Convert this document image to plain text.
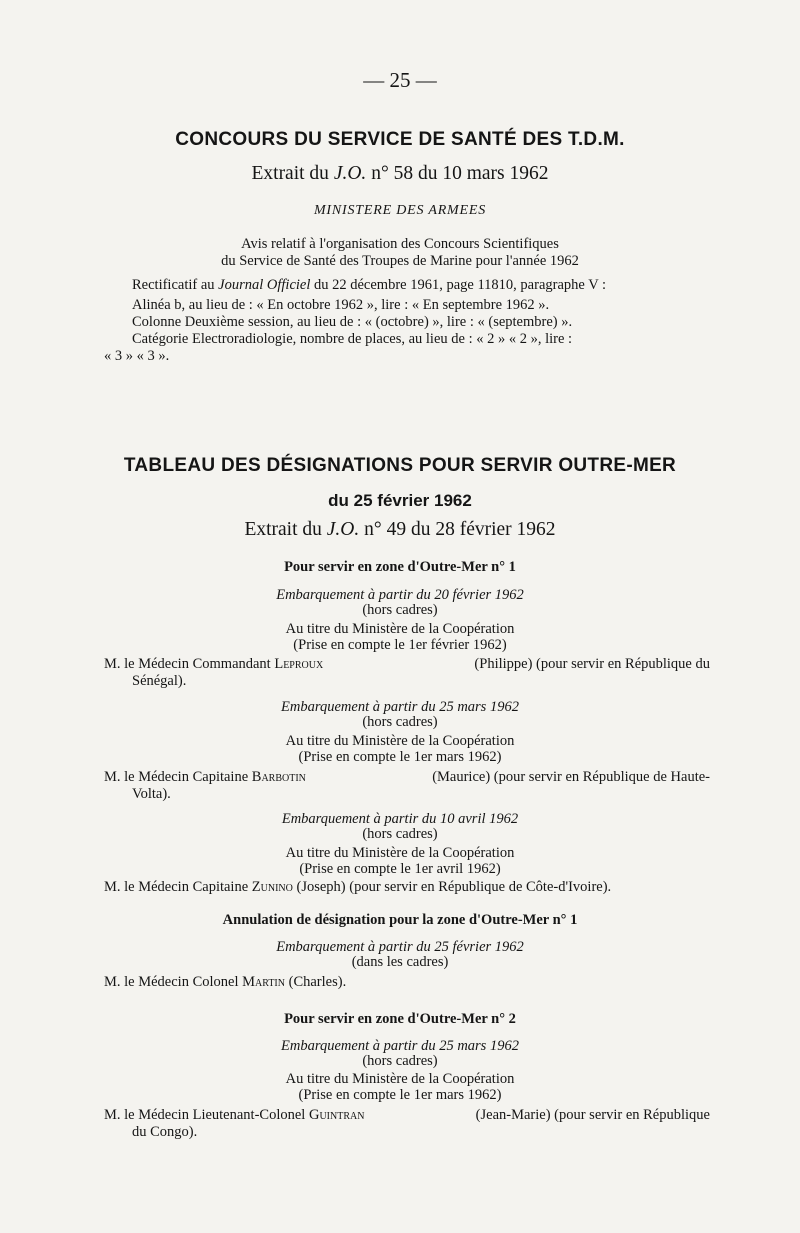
— 25 —
CONCOURS DU SERVICE DE SANTÉ DES T.D.M.
Extrait du J.O. n° 58 du 10 mars 1962
MINISTERE DES ARMEES
Avis relatif à l'organisation des Concours Scientifiques
du Service de Santé des Troupes de Marine pour l'année 1962
Rectificatif au Journal Officiel du 22 décembre 1961, page 11810, paragraphe V :
Alinéa b, au lieu de : « En octobre 1962 », lire : « En septembre 1962 ».
Colonne Deuxième session, au lieu de : « (octobre) », lire : « (septembre) ».
Catégorie Electroradiologie, nombre de places, au lieu de : « 2 » « 2 », lire :
« 3 » « 3 ».
TABLEAU DES DÉSIGNATIONS POUR SERVIR OUTRE-MER
du 25 février 1962
Extrait du J.O. n° 49 du 28 février 1962
Pour servir en zone d'Outre-Mer n° 1
Embarquement à partir du 20 février 1962
(hors cadres)
Au titre du Ministère de la Coopération
(Prise en compte le 1er février 1962)
M. le Médecin Commandant Leproux	(Philippe) (pour servir en République du
Sénégal).
Embarquement à partir du 25 mars 1962
(hors cadres)
Au titre du Ministère de la Coopération
(Prise en compte le 1er mars 1962)
M. le Médecin Capitaine Barbotin	(Maurice) (pour servir en République de Haute-
Volta).
Embarquement à partir du 10 avril 1962
(hors cadres)
Au titre du Ministère de la Coopération
(Prise en compte le 1er avril 1962)
M. le Médecin Capitaine Zunino (Joseph) (pour servir en République de Côte-d'Ivoire).
Annulation de désignation pour la zone d'Outre-Mer n° 1
Embarquement à partir du 25 février 1962
(dans les cadres)
M. le Médecin Colonel Martin (Charles).
Pour servir en zone d'Outre-Mer n° 2
Embarquement à partir du 25 mars 1962
(hors cadres)
Au titre du Ministère de la Coopération
(Prise en compte le 1er mars 1962)
M. le Médecin Lieutenant-Colonel Guintran	(Jean-Marie) (pour servir en République
du Congo).
